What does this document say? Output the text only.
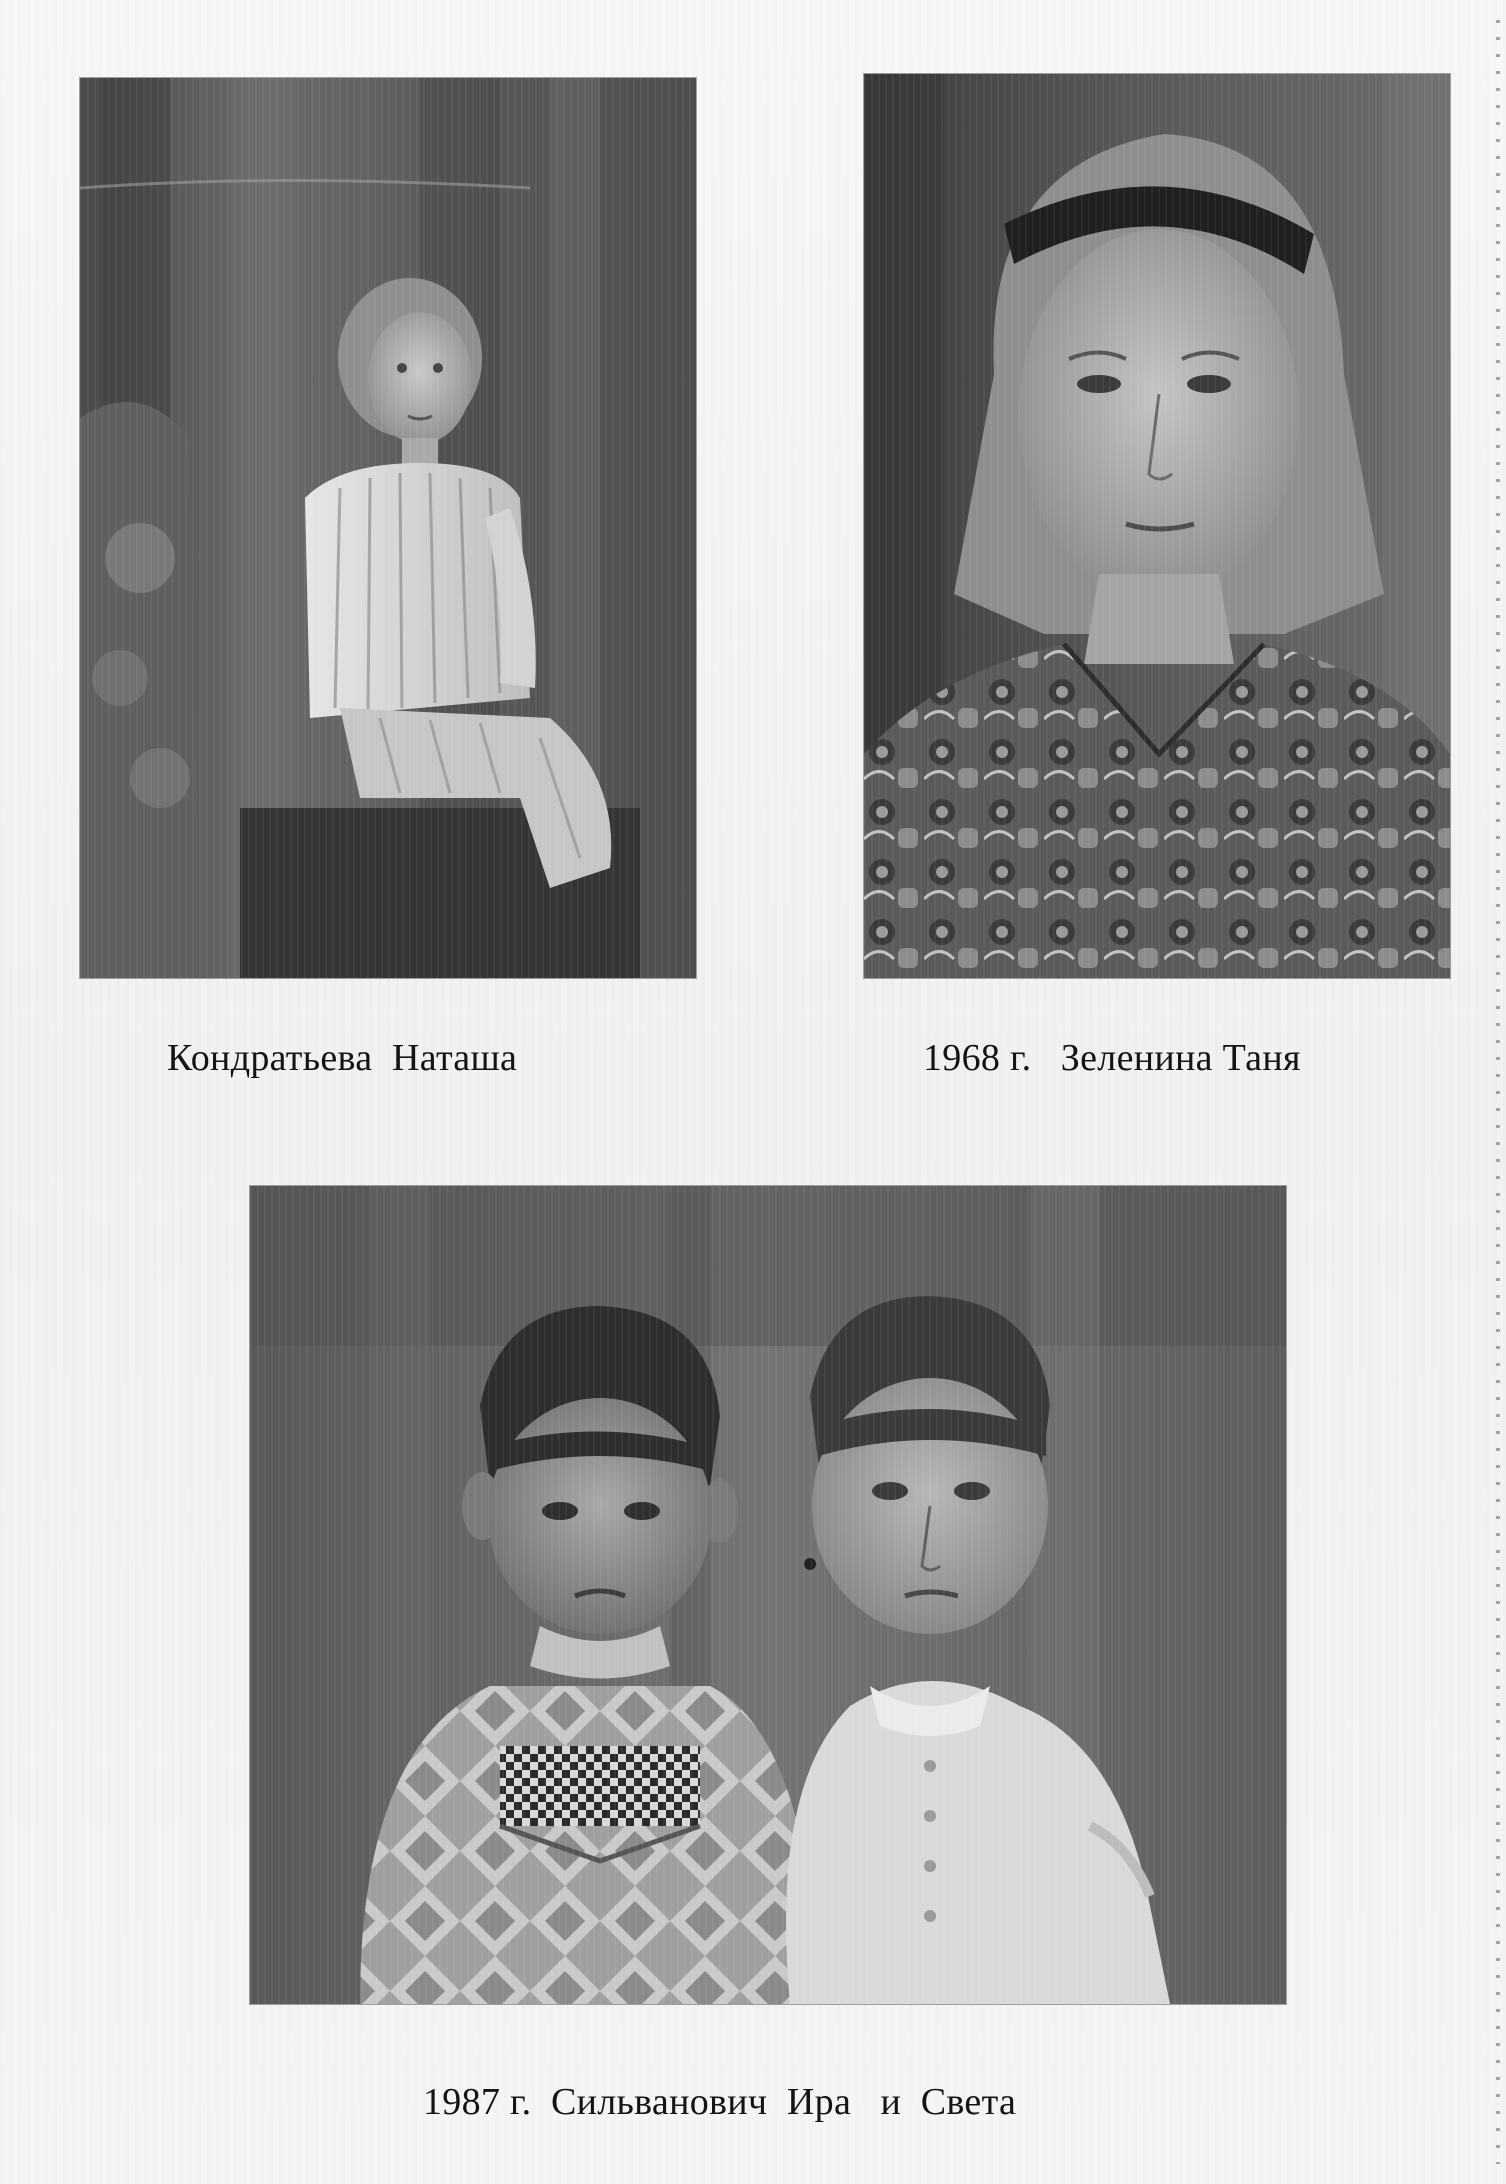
Кондратьева  Наташа	1968 г.   Зеленина Таня
1987 г.  Сильванович  Ира   и  Света
